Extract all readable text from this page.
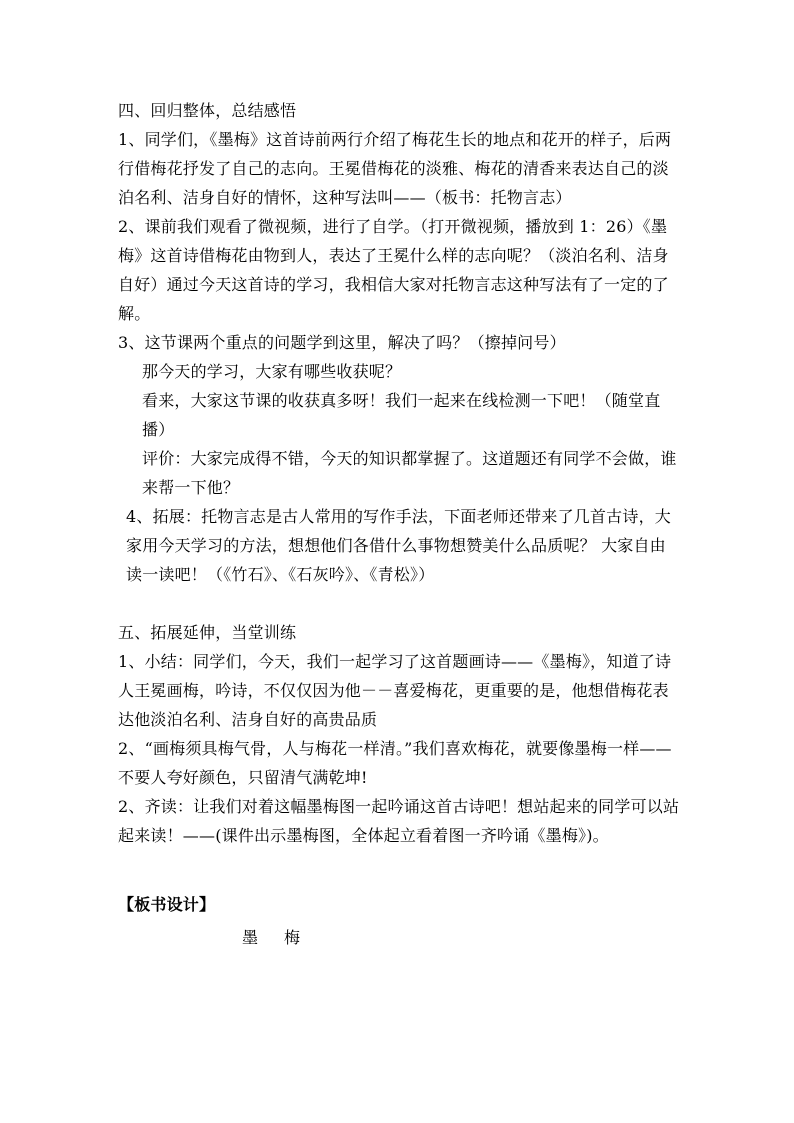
四、回归整体，总结感悟

1、同学们，《墨梅》这首诗前两行介绍了梅花生长的地点和花开的样子，后两行借梅花抒发了自己的志向。王冕借梅花的淡雅、梅花的清香来表达自己的淡泊名利、洁身自好的情怀，这种写法叫——（板书：托物言志）

2、课前我们观看了微视频，进行了自学。（打开微视频，播放到 1：26）《墨梅》这首诗借梅花由物到人，表达了王冕什么样的志向呢？（淡泊名利、洁身自好）通过今天这首诗的学习，我相信大家对托物言志这种写法有了一定的了解。

3、这节课两个重点的问题学到这里，解决了吗？（擦掉问号）

那今天的学习，大家有哪些收获呢？

看来，大家这节课的收获真多呀！我们一起来在线检测一下吧！（随堂直播）

评价：大家完成得不错，今天的知识都掌握了。这道题还有同学不会做，谁来帮一下他？

4、拓展：托物言志是古人常用的写作手法，下面老师还带来了几首古诗，大家用今天学习的方法，想想他们各借什么事物想赞美什么品质呢？ 大家自由读一读吧！（《竹石》、《石灰吟》、《青松》）

五、拓展延伸，当堂训练

1、小结：同学们，今天，我们一起学习了这首题画诗——《墨梅》，知道了诗人王冕画梅，吟诗，不仅仅因为他－－喜爱梅花，更重要的是，他想借梅花表达他淡泊名利、洁身自好的高贵品质

2、“画梅须具梅气骨，人与梅花一样清。”我们喜欢梅花，就要像墨梅一样——不要人夸好颜色，只留清气满乾坤!

2、齐读：让我们对着这幅墨梅图一起吟诵这首古诗吧！想站起来的同学可以站起来读！——(课件出示墨梅图，全体起立看着图一齐吟诵《墨梅》)。

【板书设计】

墨梅
